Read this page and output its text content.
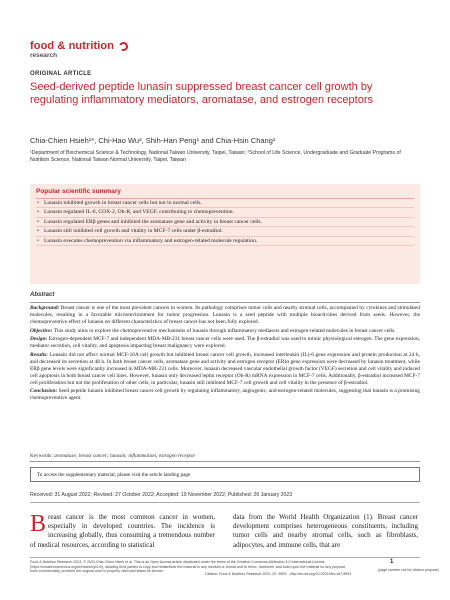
food & nutrition
research
ORIGINAL ARTICLE
Seed-derived peptide lunasin suppressed breast cancer cell growth by regulating inflammatory mediators, aromatase, and estrogen receptors
Chia-Chien Hsieh¹*, Chi-Hao Wu², Shih-Han Peng¹ and Chia-Hsin Chang¹
¹Department of Biochemical Science & Technology, National Taiwan University, Taipei, Taiwan; ²School of Life Science, Undergraduate and Graduate Programs of Nutrition Science, National Taiwan Normal University, Taipei, Taiwan
Popular scientific summary
• Lunasin inhibited growth in breast cancer cells but not in normal cells.
• Lunasin regulated IL-6, COX-2, Ob-R, and VEGF, contributing to chemoprevention.
• Lunasin regulated ERβ genes and inhibited the aromatase gene and activity in breast cancer cells.
• Lunasin still inhibited cell growth and vitality in MCF-7 cells under β-estradiol.
• Lunasin executes chemoprevention via inflammatory and estrogen-related molecule regulation.
Abstract

Background: Breast cancer is one of the most prevalent cancers in women. Its pathology comprises tumor cells and nearby stromal cells, accompanied by cytokines and stimulated molecules, resulting in a favorable microenvironment for tumor progression. Lunasin is a seed peptide with multiple bioactivities derived from seeds. However, the chemopreventive effect of lunasin on different characteristics of breast cancer has not been fully explored.

Objective: This study aims to explore the chemopreventive mechanisms of lunasin through inflammatory mediators and estrogen-related molecules in breast cancer cells.

Design: Estrogen-dependent MCF-7 and independent MDA-MB-231 breast cancer cells were used. The β-estradiol was used to mimic physiological estrogen. The gene expression, mediator secretion, cell vitality, and apoptosis impacting breast malignancy were explored.

Results: Lunasin did not affect normal MCF-10A cell growth but inhibited breast cancer cell growth, increased interleukin (IL)-6 gene expression and protein production at 24 h, and decreased its secretion at 48 h. In both breast cancer cells, aromatase gene and activity and estrogen receptor (ER)α gene expression were decreased by lunasin treatment, while ERβ gene levels were significantly increased in MDA-MB-231 cells. Moreover, lunasin decreased vascular endothelial growth factor (VEGF) secretion and cell vitality and induced cell apoptosis in both breast cancer cell lines. However, lunasin only decreased leptin receptor (Ob-R) mRNA expression in MCF-7 cells. Additionally, β-estradiol increased MCF-7 cell proliferation but not the proliferation of other cells; in particular, lunasin still inhibited MCF-7 cell growth and cell vitality in the presence of β-estradiol.

Conclusion: Seed peptide lunasin inhibited breast cancer cell growth by regulating inflammatory, angiogenic, and estrogen-related molecules, suggesting that lunasin is a promising chemopreventive agent.

Keywords: aromatase; breast cancer; lunasin; inflammation; estrogen receptor
To access the supplementary material, please visit the article landing page
Received: 31 August 2022; Revised: 27 October 2022; Accepted: 19 November 2022; Published: 26 January 2023
B reast cancer is the most common cancer in women, especially in developed countries. The incidence is increasing globally, thus consuming a tremendous number of medical resources, according to statistical
data from the World Health Organization (1). Breast cancer development comprises heterogeneous constituents, including tumor cells and nearby stromal cells, such as fibroblasts, adipocytes, and immune cells, that are
Food & Nutrition Research 2023. © 2023 Chia-Chien Hsieh et al. This is an Open Access article distributed under the terms of the Creative Commons Attribution 4.0 International License (https://creativecommons.org/licenses/by/4.0/), allowing third parties to copy and redistribute the material in any medium or format and to remix, transform, and build upon the material for any purpose, even commercially, provided the original work is properly cited and states its license.
Citation: Food & Nutrition Research 2023. 67: 8993 - http://dx.doi.org/10.29219/fnr.v67.8993
1
(page number not for citation purpose)
